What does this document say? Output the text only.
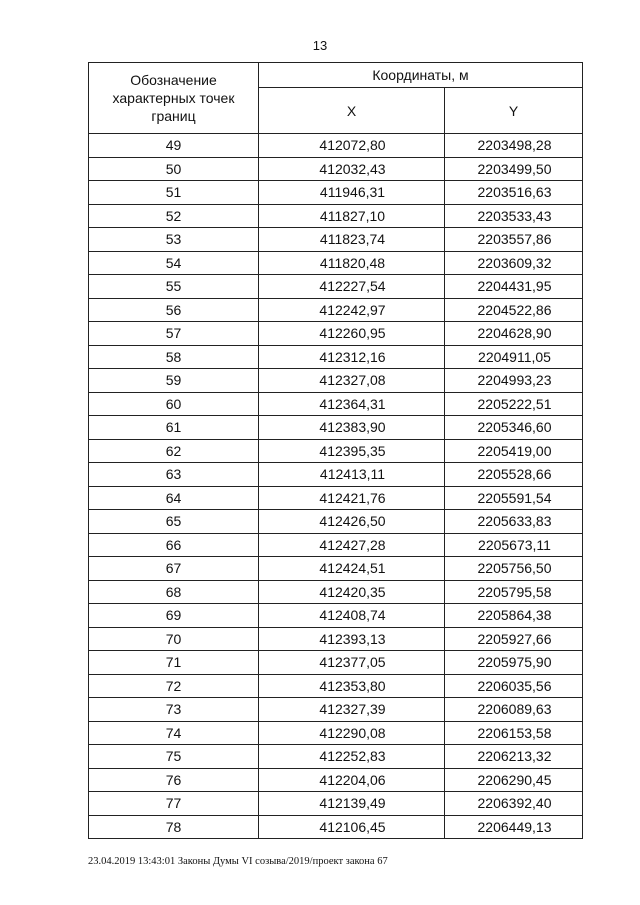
13
Обозначение характерных точек границ	Координаты, м	
	X	Y
49	412072,80	2203498,28
50	412032,43	2203499,50
51	411946,31	2203516,63
52	411827,10	2203533,43
53	411823,74	2203557,86
54	411820,48	2203609,32
55	412227,54	2204431,95
56	412242,97	2204522,86
57	412260,95	2204628,90
58	412312,16	2204911,05
59	412327,08	2204993,23
60	412364,31	2205222,51
61	412383,90	2205346,60
62	412395,35	2205419,00
63	412413,11	2205528,66
64	412421,76	2205591,54
65	412426,50	2205633,83
66	412427,28	2205673,11
67	412424,51	2205756,50
68	412420,35	2205795,58
69	412408,74	2205864,38
70	412393,13	2205927,66
71	412377,05	2205975,90
72	412353,80	2206035,56
73	412327,39	2206089,63
74	412290,08	2206153,58
75	412252,83	2206213,32
76	412204,06	2206290,45
77	412139,49	2206392,40
78	412106,45	2206449,13
23.04.2019 13:43:01 Законы Думы VI созыва/2019/проект закона 67
